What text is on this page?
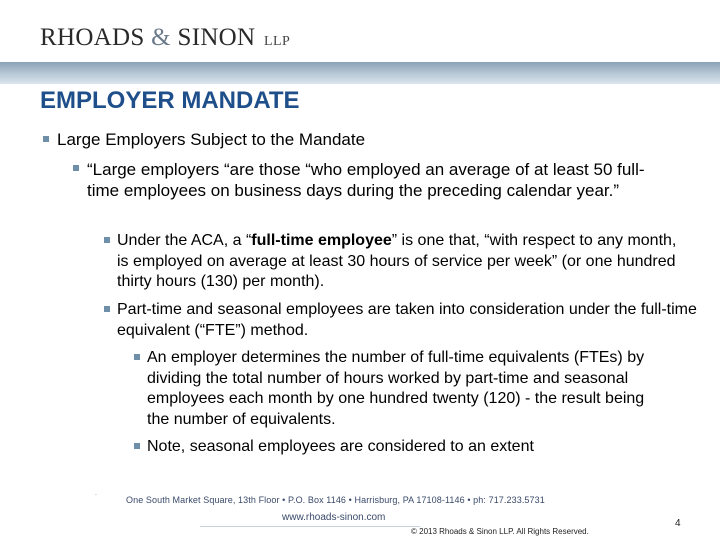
RHOADS & SINON LLP
EMPLOYER MANDATE
Large Employers Subject to the Mandate
“Large employers “are those “who employed an average of at least 50 full-time employees on business days during the preceding calendar year.”
Under the ACA, a “full-time employee” is one that, “with respect to any month, is employed on average at least 30 hours of service per week” (or one hundred thirty hours (130) per month).
Part-time and seasonal employees are taken into consideration under the full-time equivalent (“FTE”) method.
An employer determines the number of full-time equivalents (FTEs) by dividing the total number of hours worked by part-time and seasonal employees each month by one hundred twenty (120) - the result being the number of equivalents.
Note, seasonal employees are considered to an extent
˙	One South Market Square, 13th Floor • P.O. Box 1146 • Harrisburg, PA 17108-1146 • ph: 717.233.5731
www.rhoads-sinon.com
4
© 2013 Rhoads & Sinon LLP. All Rights Reserved.
